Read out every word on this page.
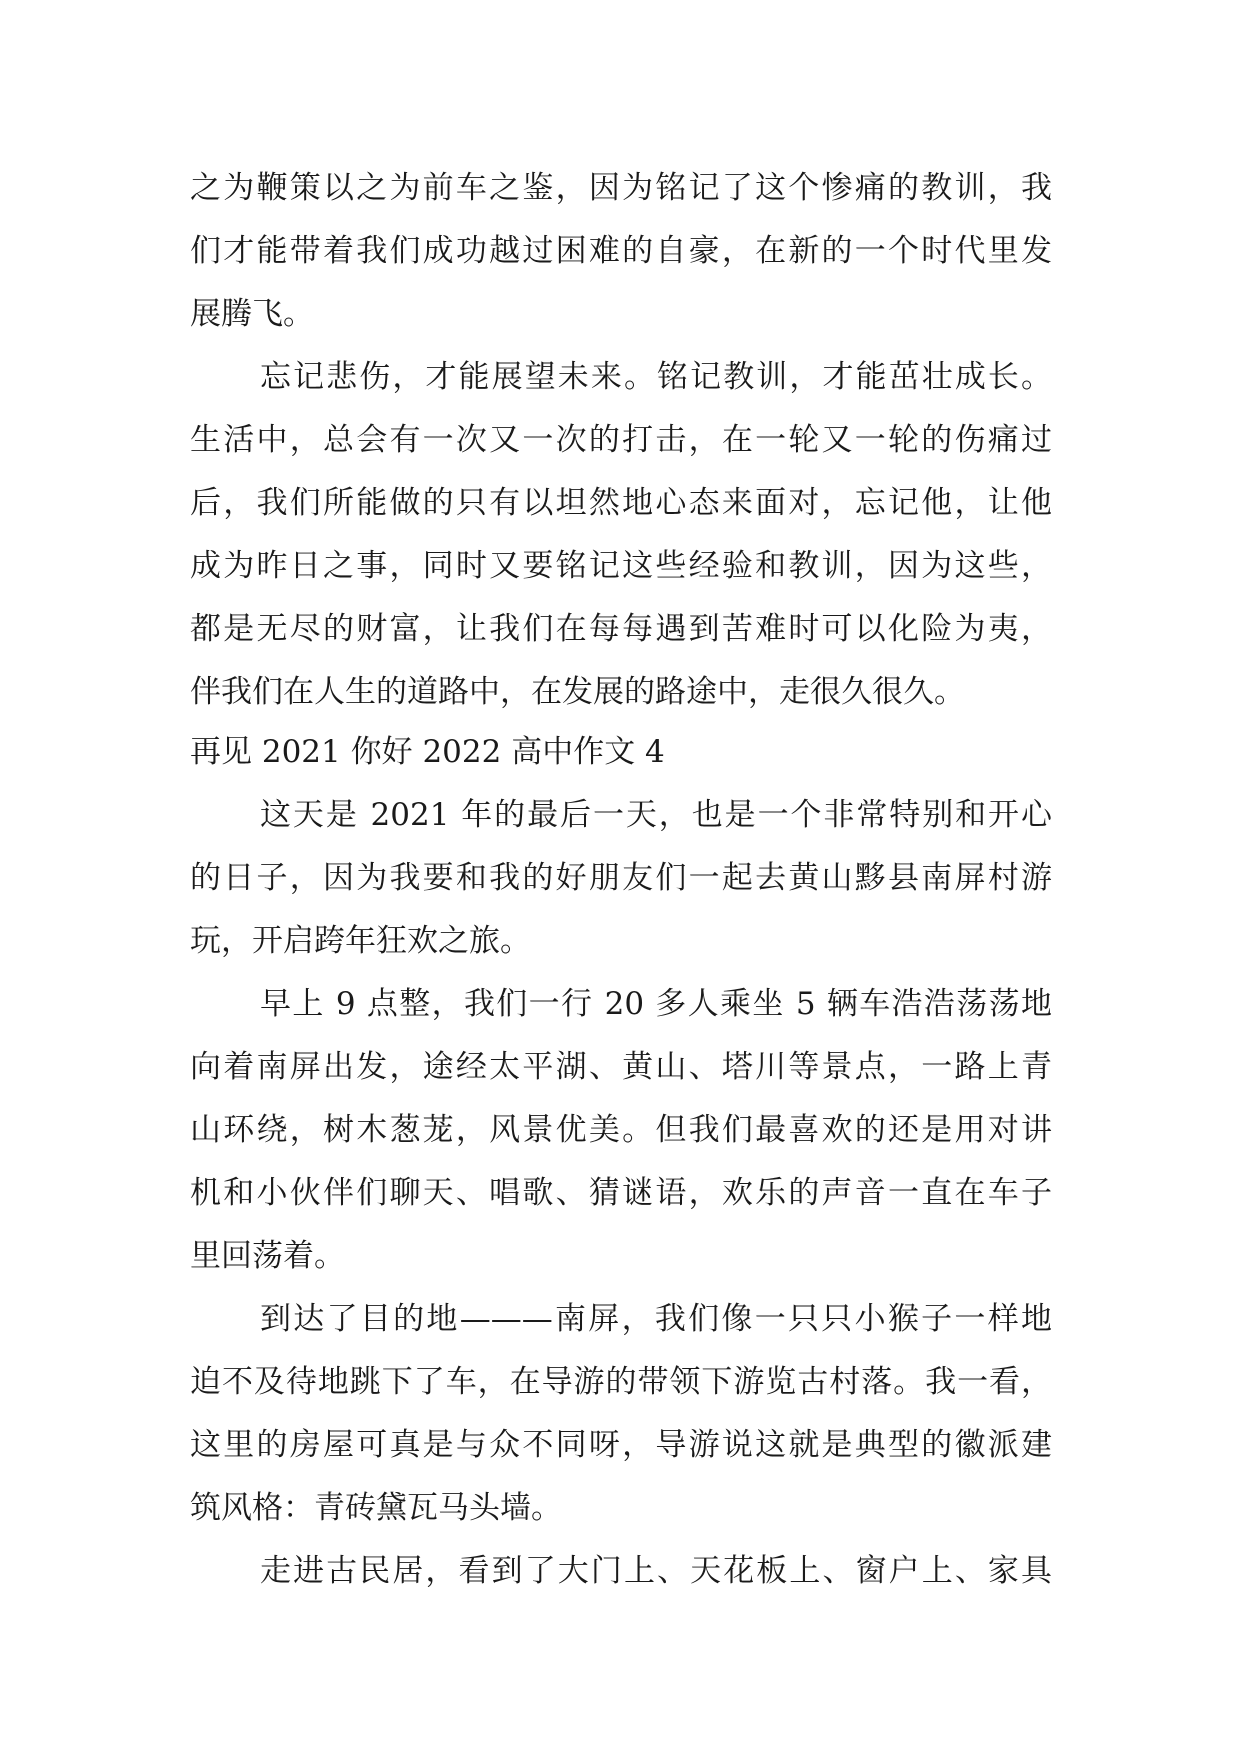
之为鞭策以之为前车之鉴，因为铭记了这个惨痛的教训，我
们才能带着我们成功越过困难的自豪，在新的一个时代里发
展腾飞。
忘记悲伤，才能展望未来。铭记教训，才能茁壮成长。
生活中，总会有一次又一次的打击，在一轮又一轮的伤痛过
后，我们所能做的只有以坦然地心态来面对，忘记他，让他
成为昨日之事，同时又要铭记这些经验和教训，因为这些，
都是无尽的财富，让我们在每每遇到苦难时可以化险为夷，
伴我们在人生的道路中，在发展的路途中，走很久很久。
再见 2021 你好 2022 高中作文 4
这天是 2021 年的最后一天，也是一个非常特别和开心
的日子，因为我要和我的好朋友们一起去黄山黟县南屏村游
玩，开启跨年狂欢之旅。
早上 9 点整，我们一行 20 多人乘坐 5 辆车浩浩荡荡地
向着南屏出发，途经太平湖、黄山、塔川等景点，一路上青
山环绕，树木葱茏，风景优美。但我们最喜欢的还是用对讲
机和小伙伴们聊天、唱歌、猜谜语，欢乐的声音一直在车子
里回荡着。
到达了目的地———南屏，我们像一只只小猴子一样地
迫不及待地跳下了车，在导游的带领下游览古村落。我一看，
这里的房屋可真是与众不同呀，导游说这就是典型的徽派建
筑风格：青砖黛瓦马头墙。
走进古民居，看到了大门上、天花板上、窗户上、家具
